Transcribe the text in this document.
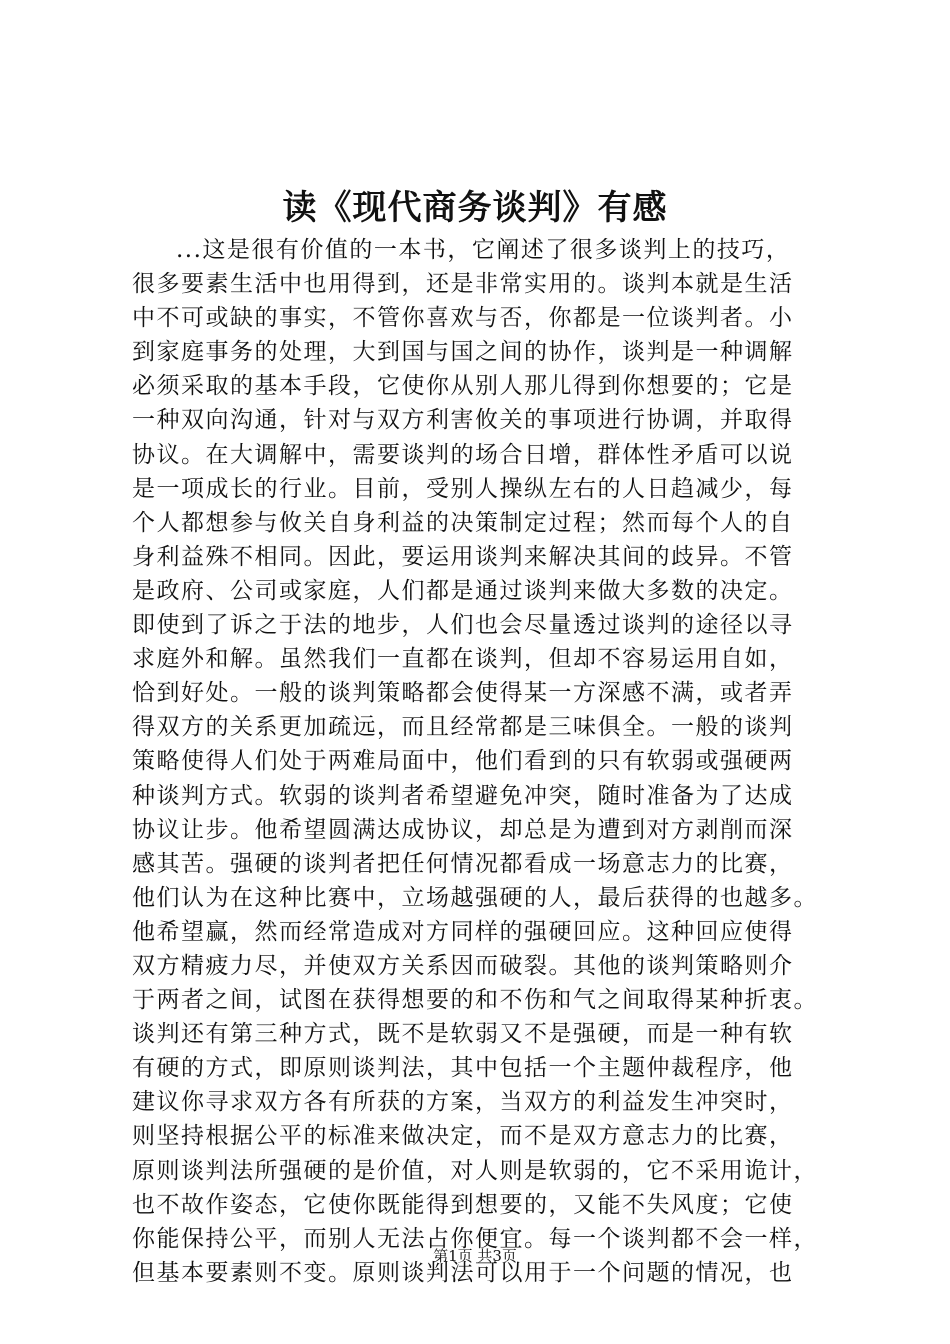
读《现代商务谈判》有感
...这是很有价值的一本书，它阐述了很多谈判上的技巧，
很多要素生活中也用得到，还是非常实用的。谈判本就是生活
中不可或缺的事实，不管你喜欢与否，你都是一位谈判者。小
到家庭事务的处理，大到国与国之间的协作，谈判是一种调解
必须采取的基本手段，它使你从别人那儿得到你想要的；它是
一种双向沟通，针对与双方利害攸关的事项进行协调，并取得
协议。在大调解中，需要谈判的场合日增，群体性矛盾可以说
是一项成长的行业。目前，受别人操纵左右的人日趋减少，每
个人都想参与攸关自身利益的决策制定过程；然而每个人的自
身利益殊不相同。因此，要运用谈判来解决其间的歧异。不管
是政府、公司或家庭，人们都是通过谈判来做大多数的决定。
即使到了诉之于法的地步，人们也会尽量透过谈判的途径以寻
求庭外和解。虽然我们一直都在谈判，但却不容易运用自如，
恰到好处。一般的谈判策略都会使得某一方深感不满，或者弄
得双方的关系更加疏远，而且经常都是三味俱全。一般的谈判
策略使得人们处于两难局面中，他们看到的只有软弱或强硬两
种谈判方式。软弱的谈判者希望避免冲突，随时准备为了达成
协议让步。他希望圆满达成协议，却总是为遭到对方剥削而深
感其苦。强硬的谈判者把任何情况都看成一场意志力的比赛，
他们认为在这种比赛中，立场越强硬的人，最后获得的也越多。
他希望赢，然而经常造成对方同样的强硬回应。这种回应使得
双方精疲力尽，并使双方关系因而破裂。其他的谈判策略则介
于两者之间，试图在获得想要的和不伤和气之间取得某种折衷。
谈判还有第三种方式，既不是软弱又不是强硬，而是一种有软
有硬的方式，即原则谈判法，其中包括一个主题仲裁程序，他
建议你寻求双方各有所获的方案，当双方的利益发生冲突时，
则坚持根据公平的标准来做决定，而不是双方意志力的比赛，
原则谈判法所强硬的是价值，对人则是软弱的，它不采用诡计，
也不故作姿态，它使你既能得到想要的，又能不失风度；它使
你能保持公平，而别人无法占你便宜。每一个谈判都不会一样，
但基本要素则不变。原则谈判法可以用于一个问题的情况，也
第1页 共3页
